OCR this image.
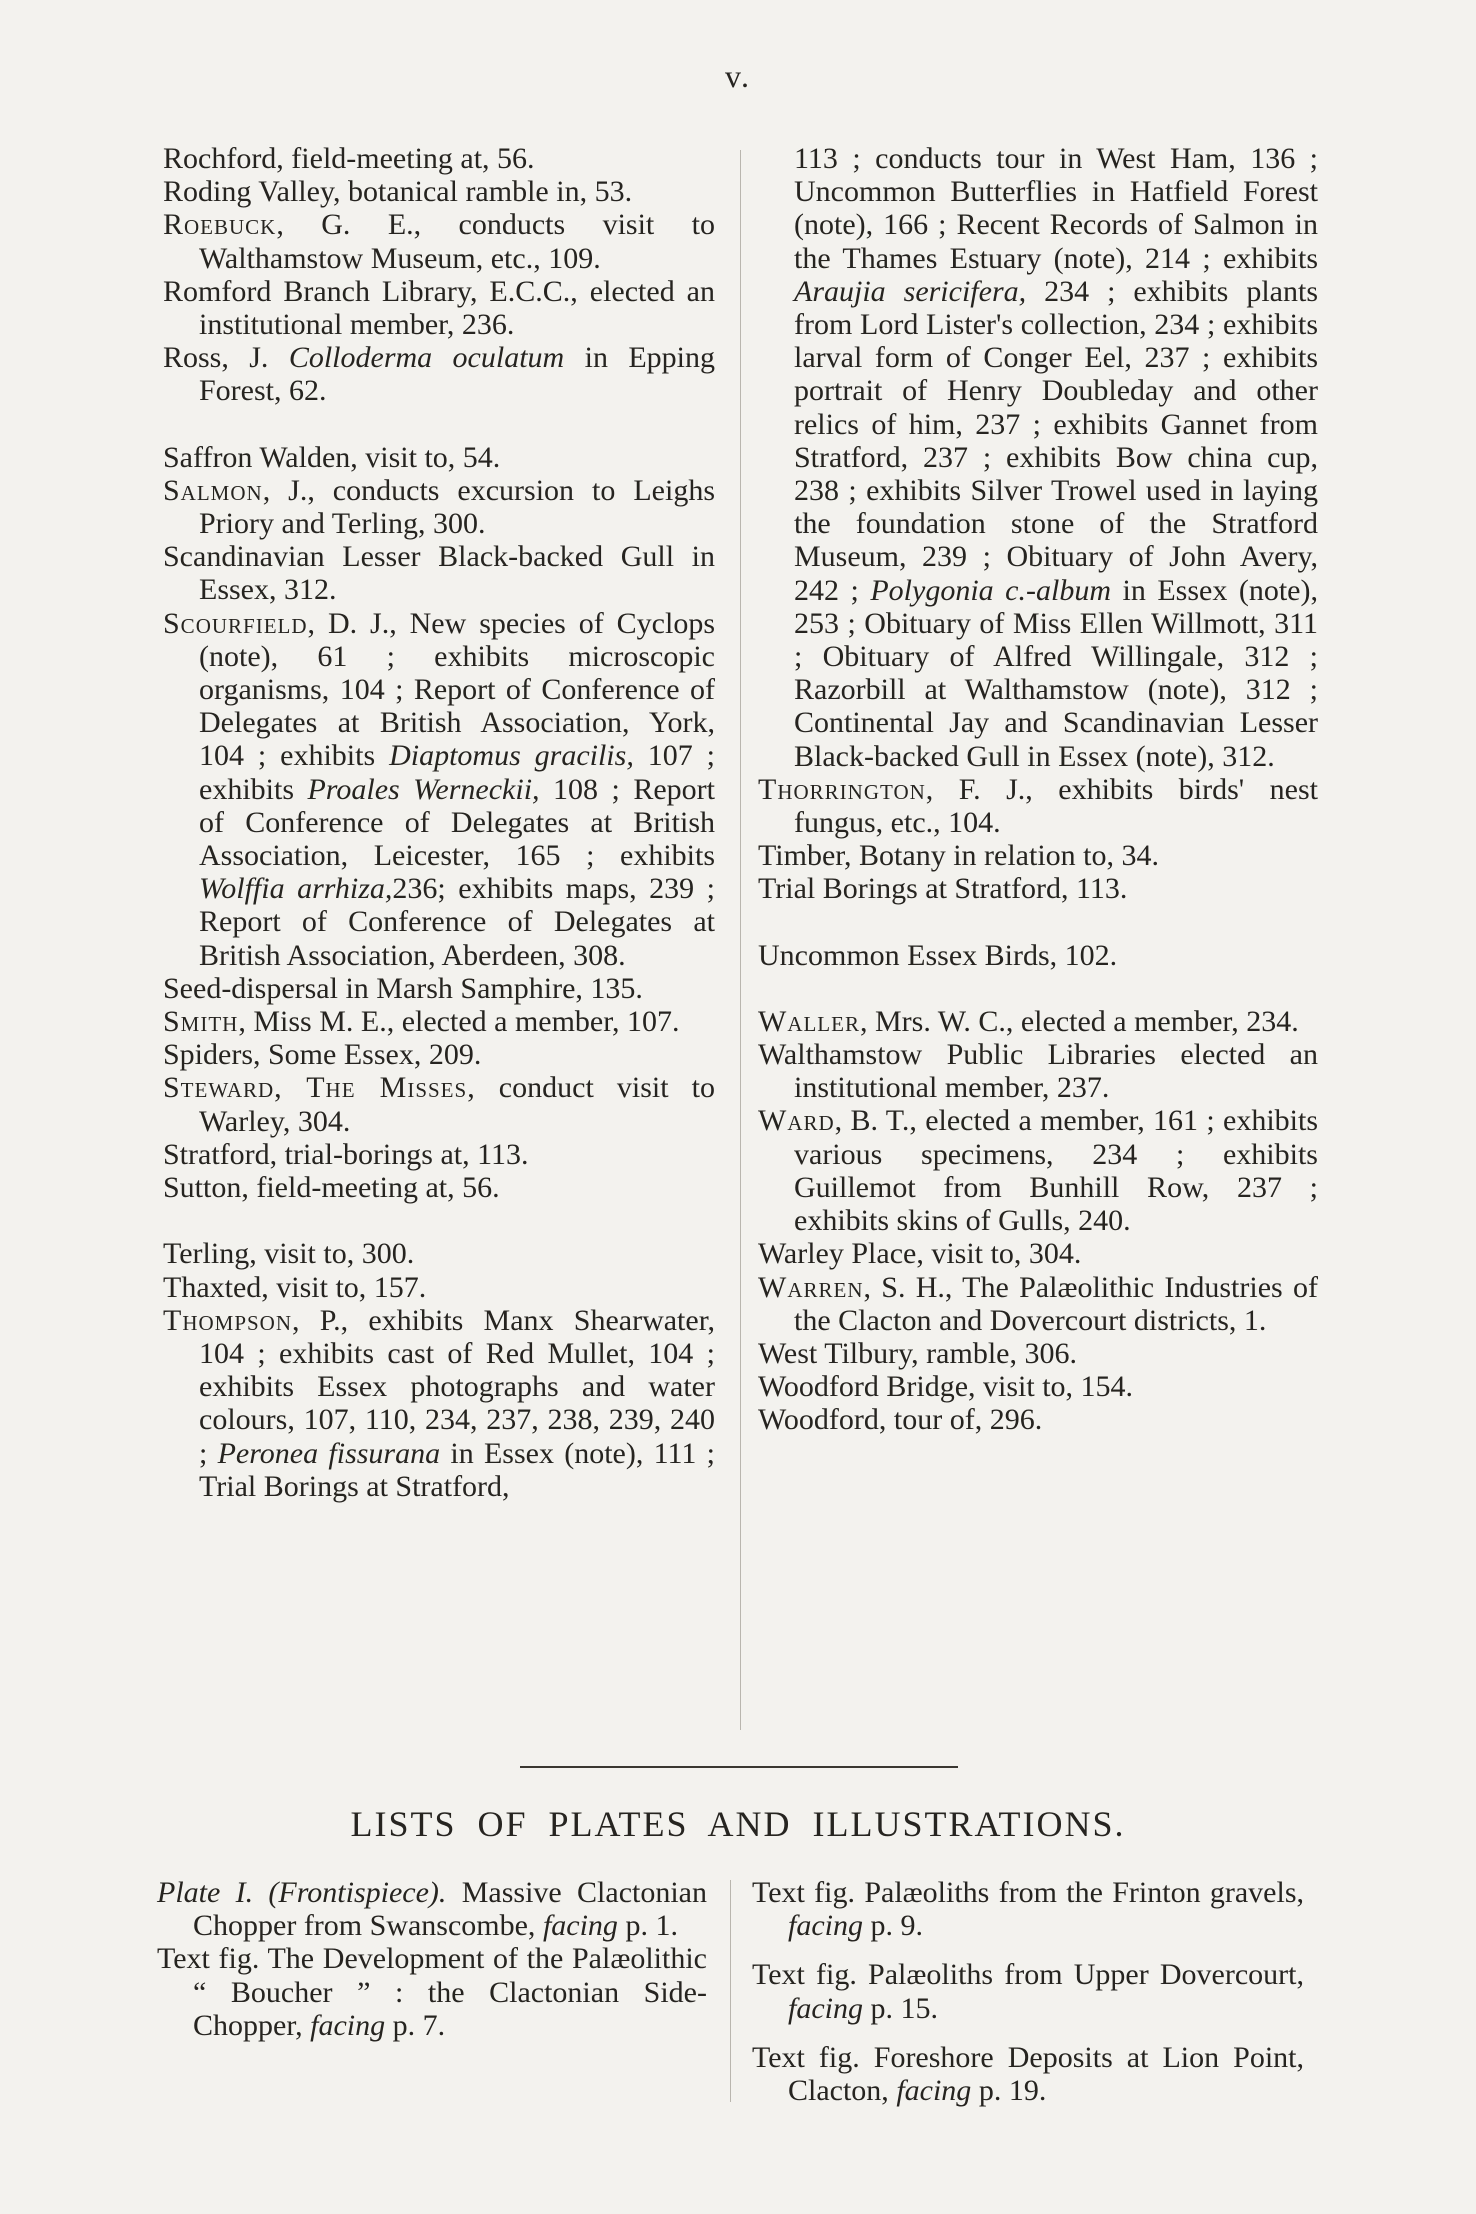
v.
Rochford, field-meeting at, 56.
Roding Valley, botanical ramble in, 53.
Roebuck, G. E., conducts visit to Walthamstow Museum, etc., 109.
Romford Branch Library, E.C.C., elected an institutional member, 236.
Ross, J. Colloderma oculatum in Epping Forest, 62.
Saffron Walden, visit to, 54.
Salmon, J., conducts excursion to Leighs Priory and Terling, 300.
Scandinavian Lesser Black-backed Gull in Essex, 312.
Scourfield, D. J., New species of Cyclops (note), 61 ; exhibits microscopic organisms, 104 ; Report of Conference of Delegates at British Association, York, 104 ; exhibits Diaptomus gracilis, 107 ; exhibits Proales Werneckii, 108 ; Report of Conference of Delegates at British Association, Leicester, 165 ; exhibits Wolffia arrhiza,236; exhibits maps, 239 ; Report of Conference of Delegates at British Association, Aberdeen, 308.
Seed-dispersal in Marsh Samphire, 135.
Smith, Miss M. E., elected a member, 107.
Spiders, Some Essex, 209.
Steward, The Misses, conduct visit to Warley, 304.
Stratford, trial-borings at, 113.
Sutton, field-meeting at, 56.
Terling, visit to, 300.
Thaxted, visit to, 157.
Thompson, P., exhibits Manx Shearwater, 104 ; exhibits cast of Red Mullet, 104 ; exhibits Essex photographs and water colours, 107, 110, 234, 237, 238, 239, 240 ; Peronea fissurana in Essex (note), 111 ; Trial Borings at Stratford,
113 ; conducts tour in West Ham, 136 ; Uncommon Butterflies in Hatfield Forest (note), 166 ; Recent Records of Salmon in the Thames Estuary (note), 214 ; exhibits Araujia sericifera, 234 ; exhibits plants from Lord Lister's collection, 234 ; exhibits larval form of Conger Eel, 237 ; exhibits portrait of Henry Doubleday and other relics of him, 237 ; exhibits Gannet from Stratford, 237 ; exhibits Bow china cup, 238 ; exhibits Silver Trowel used in laying the foundation stone of the Stratford Museum, 239 ; Obituary of John Avery, 242 ; Polygonia c.-album in Essex (note), 253 ; Obituary of Miss Ellen Willmott, 311 ; Obituary of Alfred Willingale, 312 ; Razorbill at Walthamstow (note), 312 ; Continental Jay and Scandinavian Lesser Black-backed Gull in Essex (note), 312.
Thorrington, F. J., exhibits birds' nest fungus, etc., 104.
Timber, Botany in relation to, 34.
Trial Borings at Stratford, 113.
Uncommon Essex Birds, 102.
Waller, Mrs. W. C., elected a member, 234.
Walthamstow Public Libraries elected an institutional member, 237.
Ward, B. T., elected a member, 161 ; exhibits various specimens, 234 ; exhibits Guillemot from Bunhill Row, 237 ; exhibits skins of Gulls, 240.
Warley Place, visit to, 304.
Warren, S. H., The Palæolithic Industries of the Clacton and Dovercourt districts, 1.
West Tilbury, ramble, 306.
Woodford Bridge, visit to, 154.
Woodford, tour of, 296.
LISTS OF PLATES AND ILLUSTRATIONS.
Plate I. (Frontispiece). Massive Clactonian Chopper from Swanscombe, facing p. 1.
Text fig. The Development of the Palæolithic “ Boucher ” : the Clactonian Side-Chopper, facing p. 7.
Text fig. Palæoliths from the Frinton gravels, facing p. 9.
Text fig. Palæoliths from Upper Dovercourt, facing p. 15.
Text fig. Foreshore Deposits at Lion Point, Clacton, facing p. 19.
